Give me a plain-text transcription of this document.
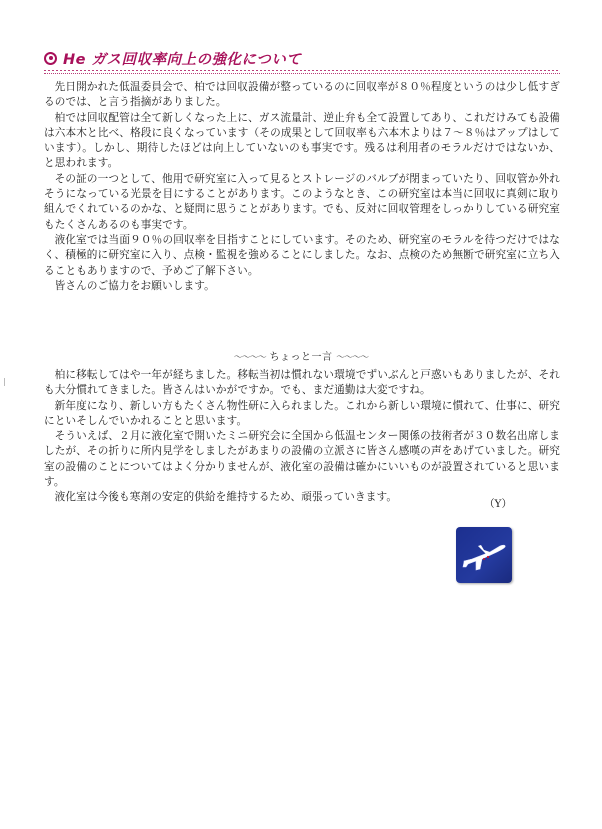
He ガス回収率向上の強化について

先日開かれた低温委員会で、柏では回収設備が整っているのに回収率が８０％程度というのは少し低すぎるのでは、と言う指摘がありました。

柏では回収配管は全て新しくなった上に、ガス流量計、逆止弁も全て設置してあり、これだけみても設備は六本木と比べ、格段に良くなっています（その成果として回収率も六本木よりは７〜８％はアップはしています）。しかし、期待したほどは向上していないのも事実です。残るは利用者のモラルだけではないか、と思われます。

その証の一つとして、他用で研究室に入って見るとストレージのバルブが閉まっていたり、回収管か外れそうになっている光景を目にすることがあります。このようなとき、この研究室は本当に回収に真剣に取り組んでくれているのかな、と疑問に思うことがあります。でも、反対に回収管理をしっかりしている研究室もたくさんあるのも事実です。

液化室では当面９０％の回収率を目指すことにしています。そのため、研究室のモラルを待つだけではなく、積極的に研究室に入り、点検・監視を強めることにしました。なお、点検のため無断で研究室に立ち入ることもありますので、予めご了解下さい。

皆さんのご協力をお願いします。

～～～～ ちょっと一言 ～～～～

柏に移転してはや一年が経ちました。移転当初は慣れない環境でずいぶんと戸惑いもありましたが、それも大分慣れてきました。皆さんはいかがですか。でも、まだ通勤は大変ですね。

新年度になり、新しい方もたくさん物性研に入られました。これから新しい環境に慣れて、仕事に、研究にといそしんでいかれることと思います。

そういえば、２月に液化室で開いたミニ研究会に全国から低温センター関係の技術者が３０数名出席しましたが、その折りに所内見学をしましたがあまりの設備の立派さに皆さん感嘆の声をあげていました。研究室の設備のことについてはよく分かりませんが、液化室の設備は確かにいいものが設置されていると思います。

液化室は今後も寒剤の安定的供給を維持するため、頑張っていきます。

（Y）
